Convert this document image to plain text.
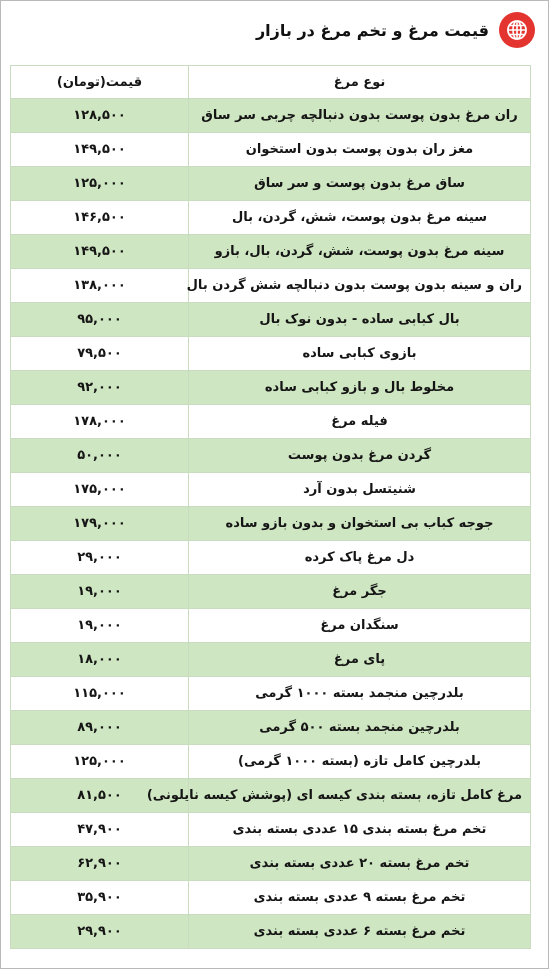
قیمت مرغ و تخم مرغ در بازار
نوع مرغ	قیمت(تومان)
ران مرغ بدون پوست بدون دنبالچه چربی سر ساق	۱۲۸,۵۰۰
مغز ران بدون پوست بدون استخوان	۱۴۹,۵۰۰
ساق مرغ بدون پوست و سر ساق	۱۲۵,۰۰۰
سینه مرغ بدون پوست، شش، گردن، بال	۱۴۶,۵۰۰
سینه مرغ بدون پوست، شش، گردن، بال، بازو	۱۴۹,۵۰۰
ران و سینه بدون پوست بدون دنبالچه شش گردن بال	۱۳۸,۰۰۰
بال کبابی ساده - بدون نوک بال	۹۵,۰۰۰
بازوی کبابی ساده	۷۹,۵۰۰
مخلوط بال و بازو کبابی ساده	۹۲,۰۰۰
فیله مرغ	۱۷۸,۰۰۰
گردن مرغ بدون پوست	۵۰,۰۰۰
شنیتسل بدون آرد	۱۷۵,۰۰۰
جوجه کباب بی استخوان و بدون بازو ساده	۱۷۹,۰۰۰
دل مرغ پاک کرده	۲۹,۰۰۰
جگر مرغ	۱۹,۰۰۰
سنگدان مرغ	۱۹,۰۰۰
پای مرغ	۱۸,۰۰۰
بلدرچین منجمد بسته ۱۰۰۰ گرمی	۱۱۵,۰۰۰
بلدرچین منجمد بسته ۵۰۰ گرمی	۸۹,۰۰۰
بلدرچین کامل تازه (بسته ۱۰۰۰ گرمی)	۱۲۵,۰۰۰
مرغ کامل تازه، بسته بندی کیسه ای (پوشش کیسه نایلونی)	۸۱,۵۰۰
تخم مرغ بسته بندی ۱۵ عددی بسته بندی	۴۷,۹۰۰
تخم مرغ بسته ۲۰ عددی بسته بندی	۶۲,۹۰۰
تخم مرغ بسته ۹ عددی بسته بندی	۳۵,۹۰۰
تخم مرغ بسته ۶ عددی بسته بندی	۲۹,۹۰۰
